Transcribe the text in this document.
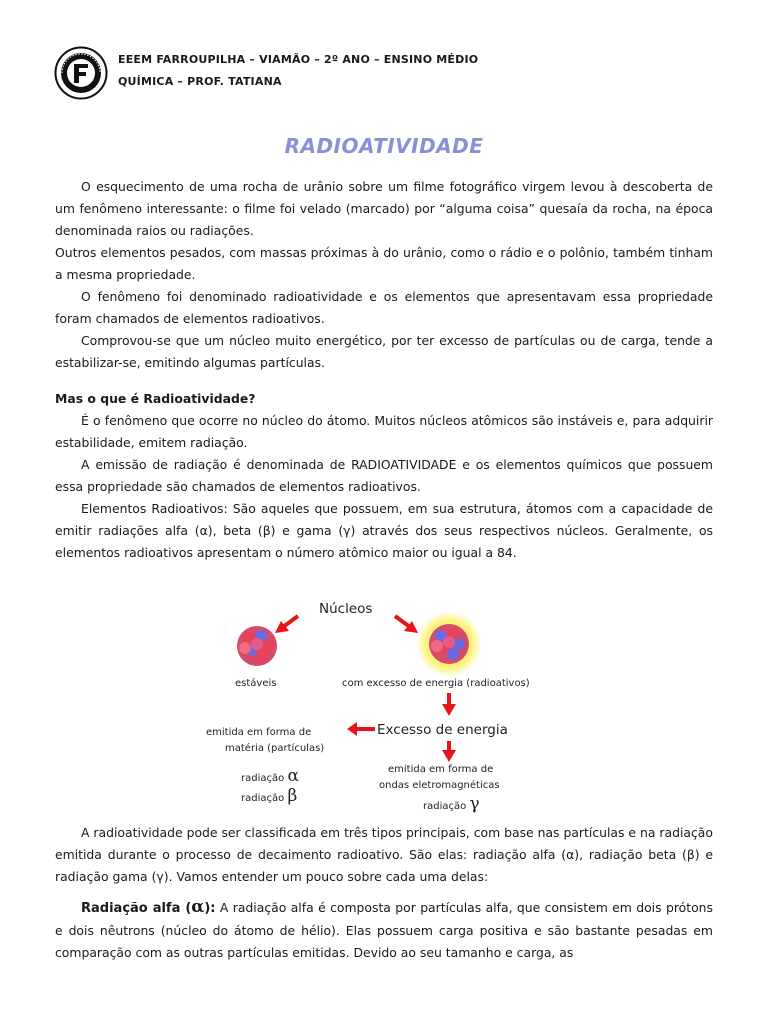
EEEM FARROUPILHA – VIAMÃO – 2º ANO – ENSINO MÉDIO
QUÍMICA – PROF. TATIANA
RADIOATIVIDADE

O esquecimento de uma rocha de urânio sobre um filme fotográfico virgem levou à descoberta de um fenômeno interessante: o filme foi velado (marcado) por “alguma coisa” quesaía da rocha, na época denominada raios ou radiações.

Outros elementos pesados, com massas próximas à do urânio, como o rádio e o polônio, também tinham a mesma propriedade.

O fenômeno foi denominado radioatividade e os elementos que apresentavam essa propriedade foram chamados de elementos radioativos.

Comprovou-se que um núcleo muito energético, por ter excesso de partículas ou de carga, tende a estabilizar-se, emitindo algumas partículas.

Mas o que é Radioatividade?

É o fenômeno que ocorre no núcleo do átomo. Muitos núcleos atômicos são instáveis e, para adquirir estabilidade, emitem radiação.

A emissão de radiação é denominada de RADIOATIVIDADE e os elementos químicos que possuem essa propriedade são chamados de elementos radioativos.

Elementos Radioativos: São aqueles que possuem, em sua estrutura, átomos com a capacidade de emitir radiações alfa (α), beta (β) e gama (γ) através dos seus respectivos núcleos. Geralmente, os elementos radioativos apresentam o número atômico maior ou igual a 84.

Núcleos
estáveis	com excesso de energia (radioativos)
Excesso de energia
emitida em forma de
matéria (partículas)
radiação α
radiação β
emitida em forma de
ondas eletromagnéticas
radiação γ

A radioatividade pode ser classificada em três tipos principais, com base nas partículas e na radiação emitida durante o processo de decaimento radioativo. São elas: radiação alfa (α), radiação beta (β) e radiação gama (γ). Vamos entender um pouco sobre cada uma delas:

Radiação alfa (α): A radiação alfa é composta por partículas alfa, que consistem em dois prótons e dois nêutrons (núcleo do átomo de hélio). Elas possuem carga positiva e são bastante pesadas em comparação com as outras partículas emitidas. Devido ao seu tamanho e carga, as
